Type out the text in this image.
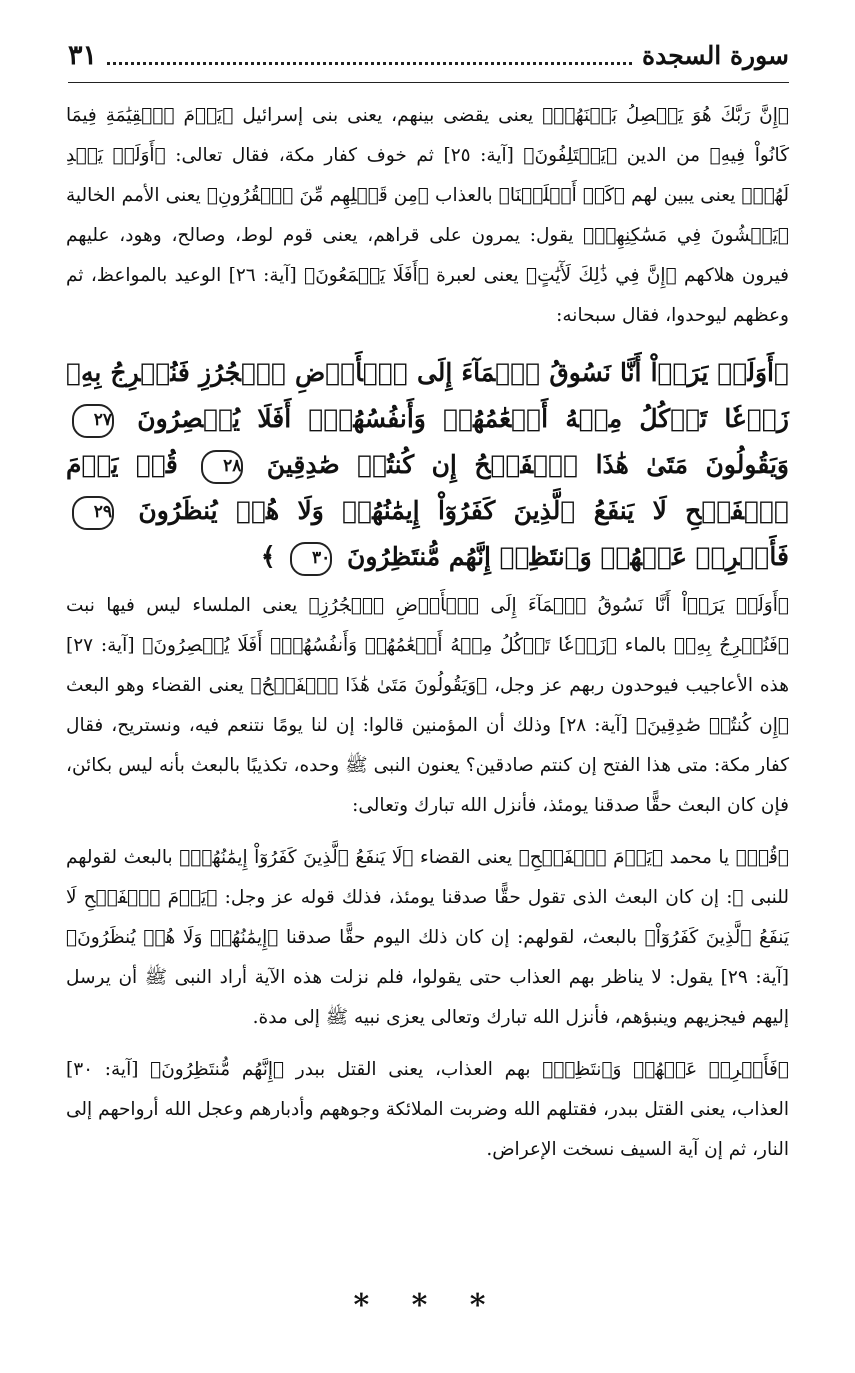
سورة السجدة
٣١

﴿إِنَّ رَبَّكَ هُوَ يَفۡصِلُ بَيۡنَهُمۡ﴾ يعنى يقضى بينهم، يعنى بنى إسرائيل ﴿يَوۡمَ ٱلۡقِيَٰمَةِ فِيمَا كَانُواْ فِيهِ﴾ من الدين ﴿يَخۡتَلِفُونَ﴾ [آية: ٢٥] ثم خوف كفار مكة، فقال تعالى: ﴿أَوَلَمۡ يَهۡدِ لَهُمۡ﴾ يعنى يبين لهم ﴿كَمۡ أَهۡلَكۡنَا﴾ بالعذاب ﴿مِن قَبۡلِهِم مِّنَ ٱلۡقُرُونِ﴾ يعنى الأمم الخالية ﴿يَمۡشُونَ فِي مَسَٰكِنِهِمۡ﴾ يقول: يمرون على قراهم، يعنى قوم لوط، وصالح، وهود، عليهم فيرون هلاكهم ﴿إِنَّ فِي ذَٰلِكَ لَأٓيَٰتٍ﴾ يعنى لعبرة ﴿أَفَلَا يَسۡمَعُونَ﴾ [آية: ٢٦] الوعيد بالمواعظ، ثم وعظهم ليوحدوا، فقال سبحانه:

﴿أَوَلَمۡ يَرَوۡاْ أَنَّا نَسُوقُ ٱلۡمَآءَ إِلَى ٱلۡأَرۡضِ ٱلۡجُرُزِ فَنُخۡرِجُ بِهِۦ زَرۡعٗا تَأۡكُلُ مِنۡهُ أَنۡعَٰمُهُمۡ وَأَنفُسُهُمۡۚ أَفَلَا يُبۡصِرُونَ ٢٧ وَيَقُولُونَ مَتَىٰ هَٰذَا ٱلۡفَتۡحُ إِن كُنتُمۡ صَٰدِقِينَ ٢٨ قُلۡ يَوۡمَ ٱلۡفَتۡحِ لَا يَنفَعُ ٱلَّذِينَ كَفَرُوٓاْ إِيمَٰنُهُمۡ وَلَا هُمۡ يُنظَرُونَ ٢٩ فَأَعۡرِضۡ عَنۡهُمۡ وَٱنتَظِرۡ إِنَّهُم مُّنتَظِرُونَ ٣٠ ﴾

﴿أَوَلَمۡ يَرَوۡاْ أَنَّا نَسُوقُ ٱلۡمَآءَ إِلَى ٱلۡأَرۡضِ ٱلۡجُرُزِ﴾ يعنى الملساء ليس فيها نبت ﴿فَنُخۡرِجُ بِهِۦ﴾ بالماء ﴿زَرۡعٗا تَأۡكُلُ مِنۡهُ أَنۡعَٰمُهُمۡ وَأَنفُسُهُمۡۚ أَفَلَا يُبۡصِرُونَ﴾ [آية: ٢٧] هذه الأعاجيب فيوحدون ربهم عز وجل، ﴿وَيَقُولُونَ مَتَىٰ هَٰذَا ٱلۡفَتۡحُ﴾ يعنى القضاء وهو البعث ﴿إِن كُنتُمۡ صَٰدِقِينَ﴾ [آية: ٢٨] وذلك أن المؤمنين قالوا: إن لنا يومًا نتنعم فيه، ونستريح، فقال كفار مكة: متى هذا الفتح إن كنتم صادقين؟ يعنون النبى ﷺ وحده، تكذيبًا بالبعث بأنه ليس بكائن، فإن كان البعث حقًّا صدقنا يومئذ، فأنزل الله تبارك وتعالى:

﴿قُلۡ﴾ يا محمد ﴿يَوۡمَ ٱلۡفَتۡحِ﴾ يعنى القضاء ﴿لَا يَنفَعُ ٱلَّذِينَ كَفَرُوٓاْ إِيمَٰنُهُمۡ﴾ بالبعث لقولهم للنبى ﷺ: إن كان البعث الذى تقول حقًّا صدقنا يومئذ، فذلك قوله عز وجل: ﴿يَوۡمَ ٱلۡفَتۡحِ لَا يَنفَعُ ٱلَّذِينَ كَفَرُوٓاْ﴾ بالبعث، لقولهم: إن كان ذلك اليوم حقًّا صدقنا ﴿إِيمَٰنُهُمۡ وَلَا هُمۡ يُنظَرُونَ﴾ [آية: ٢٩] يقول: لا يناظر بهم العذاب حتى يقولوا، فلم نزلت هذه الآية أراد النبى ﷺ أن يرسل إليهم فيجزيهم وينبؤهم، فأنزل الله تبارك وتعالى يعزى نبيه ﷺ إلى مدة.

﴿فَأَعۡرِضۡ عَنۡهُمۡ وَٱنتَظِرۡ﴾ بهم العذاب، يعنى القتل ببدر ﴿إِنَّهُم مُّنتَظِرُونَ﴾ [آية: ٣٠] العذاب، يعنى القتل ببدر، فقتلهم الله وضربت الملائكة وجوههم وأدبارهم وعجل الله أرواحهم إلى النار، ثم إن آية السيف نسخت الإعراض.

* * *
